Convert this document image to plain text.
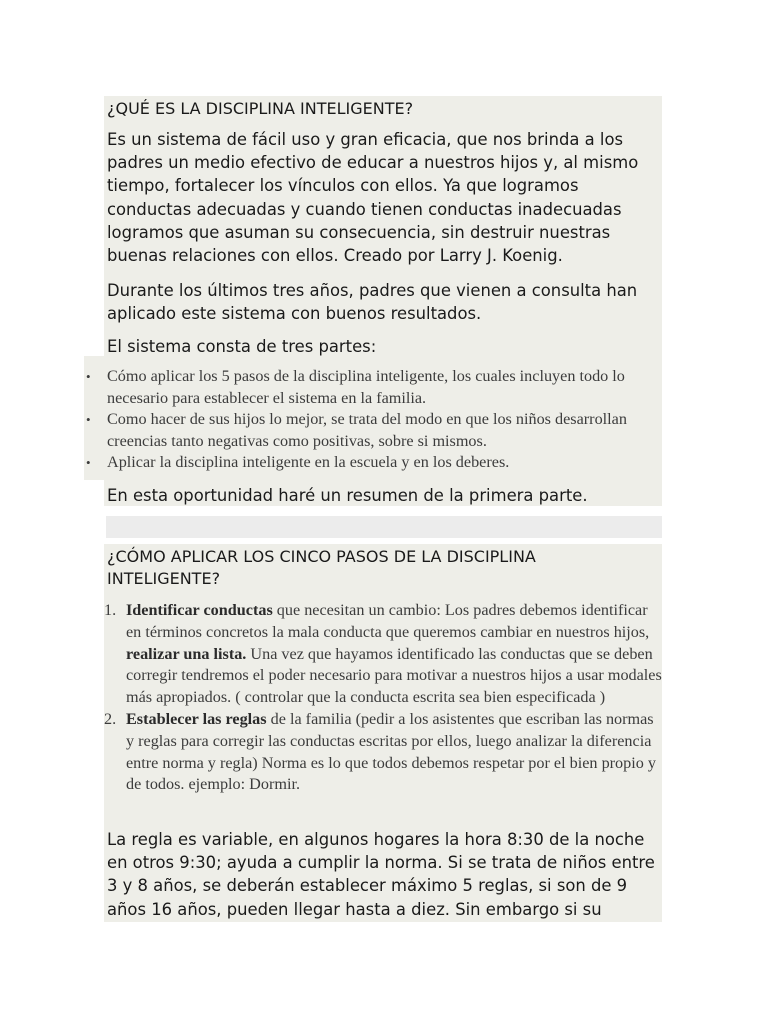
¿QUÉ ES LA DISCIPLINA INTELIGENTE?

Es un sistema de fácil uso y gran eficacia, que nos brinda a los padres un medio efectivo de educar a nuestros hijos y, al mismo tiempo, fortalecer los vínculos con ellos. Ya que logramos conductas adecuadas y cuando tienen conductas inadecuadas logramos que asuman su consecuencia, sin destruir nuestras buenas relaciones con ellos. Creado por Larry J. Koenig.

Durante los últimos tres años, padres que vienen a consulta han aplicado este sistema con buenos resultados.

El sistema consta de tres partes:

• Cómo aplicar los 5 pasos de la disciplina inteligente, los cuales incluyen todo lo necesario para establecer el sistema en la familia.
• Como hacer de sus hijos lo mejor, se trata del modo en que los niños desarrollan creencias tanto negativas como positivas, sobre si mismos.
• Aplicar la disciplina inteligente en la escuela y en los deberes.

En esta oportunidad haré un resumen de la primera parte.

¿CÓMO APLICAR LOS CINCO PASOS DE LA DISCIPLINA INTELIGENTE?
1. Identificar conductas que necesitan un cambio: Los padres debemos identificar en términos concretos la mala conducta que queremos cambiar en nuestros hijos, realizar una lista. Una vez que hayamos identificado las conductas que se deben corregir tendremos el poder necesario para motivar a nuestros hijos a usar modales más apropiados. ( controlar que la conducta escrita sea bien especificada )
2. Establecer las reglas de la familia (pedir a los asistentes que escriban las normas y reglas para corregir las conductas escritas por ellos, luego analizar la diferencia entre norma y regla) Norma es lo que todos debemos respetar por el bien propio y de todos. ejemplo: Dormir.

La regla es variable, en algunos hogares la hora 8:30 de la noche en otros 9:30; ayuda a cumplir la norma. Si se trata de niños entre 3 y 8 años, se deberán establecer máximo 5 reglas, si son de 9 años 16 años, pueden llegar hasta a diez. Sin embargo si su
